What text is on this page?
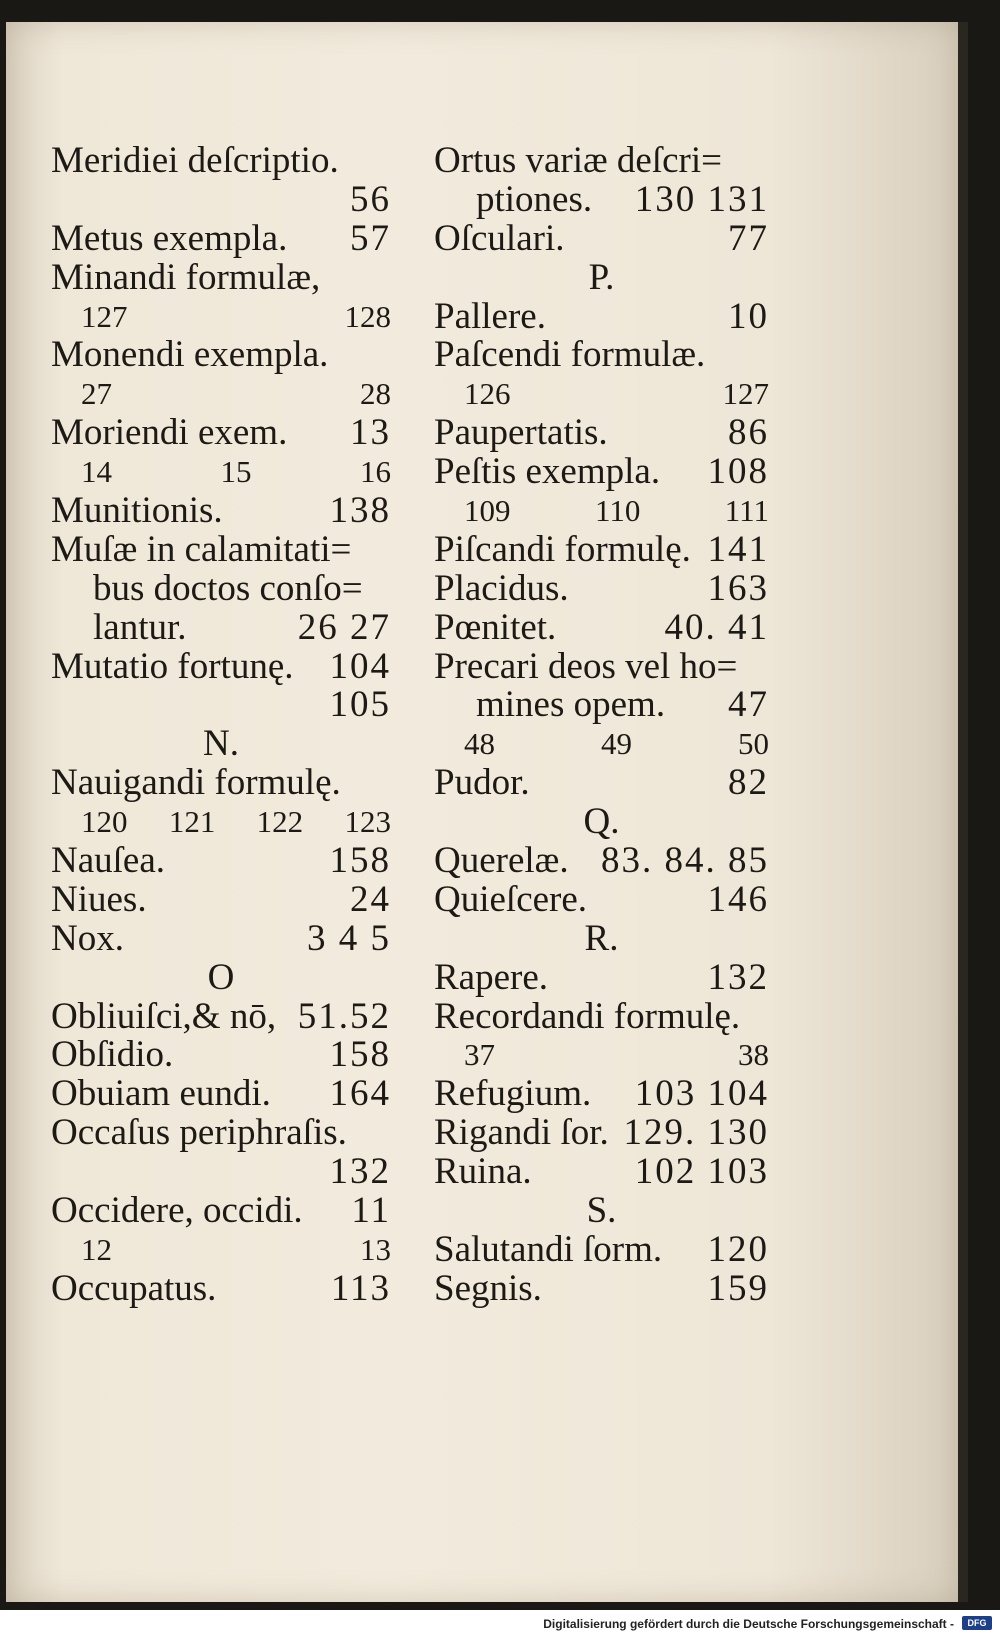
Meridiei deſcriptio.
56
Metus exempla. 57
Minandi formulæ,
127	128
Monendi exempla.
27	28
Moriendi exem. 13
14	15	16
Munitionis.	138
Muſæ in calamitati=
bus doctos conſo=
lantur.	26 27
Mutatio fortunę. 104
105
N.
Nauigandi formulę.
120 121 122 123
Nauſea.	158
Niues.	24
Nox.	3 4 5
O
Obliuiſci,& nō, 51.52
Obſidio.	158
Obuiam eundi. 164
Occaſus periphraſis.
132
Occidere, occidi. 11
12	13
Occupatus.	113
Ortus variæ deſcri=
ptiones. 130 131
Oſculari.	77
P.
Pallere.	10
Paſcendi formulæ.
126	127
Paupertatis.	86
Peſtis exempla. 108
109	110	111
Piſcandi formulę. 141
Placidus.	163
Pœnitet.	40. 41
Precari deos vel ho=
mines opem. 47
48	49	50
Pudor.	82
Q.
Querelæ. 83. 84. 85
Quieſcere.	146
R.
Rapere.	132
Recordandi formulę.
37	38
Refugium. 103 104
Rigandi ſor. 129. 130
Ruina.	102 103
S.
Salutandi ſorm. 120
Segnis.	159
Digitalisierung gefördert durch die Deutsche Forschungsgemeinschaft -	DFG
